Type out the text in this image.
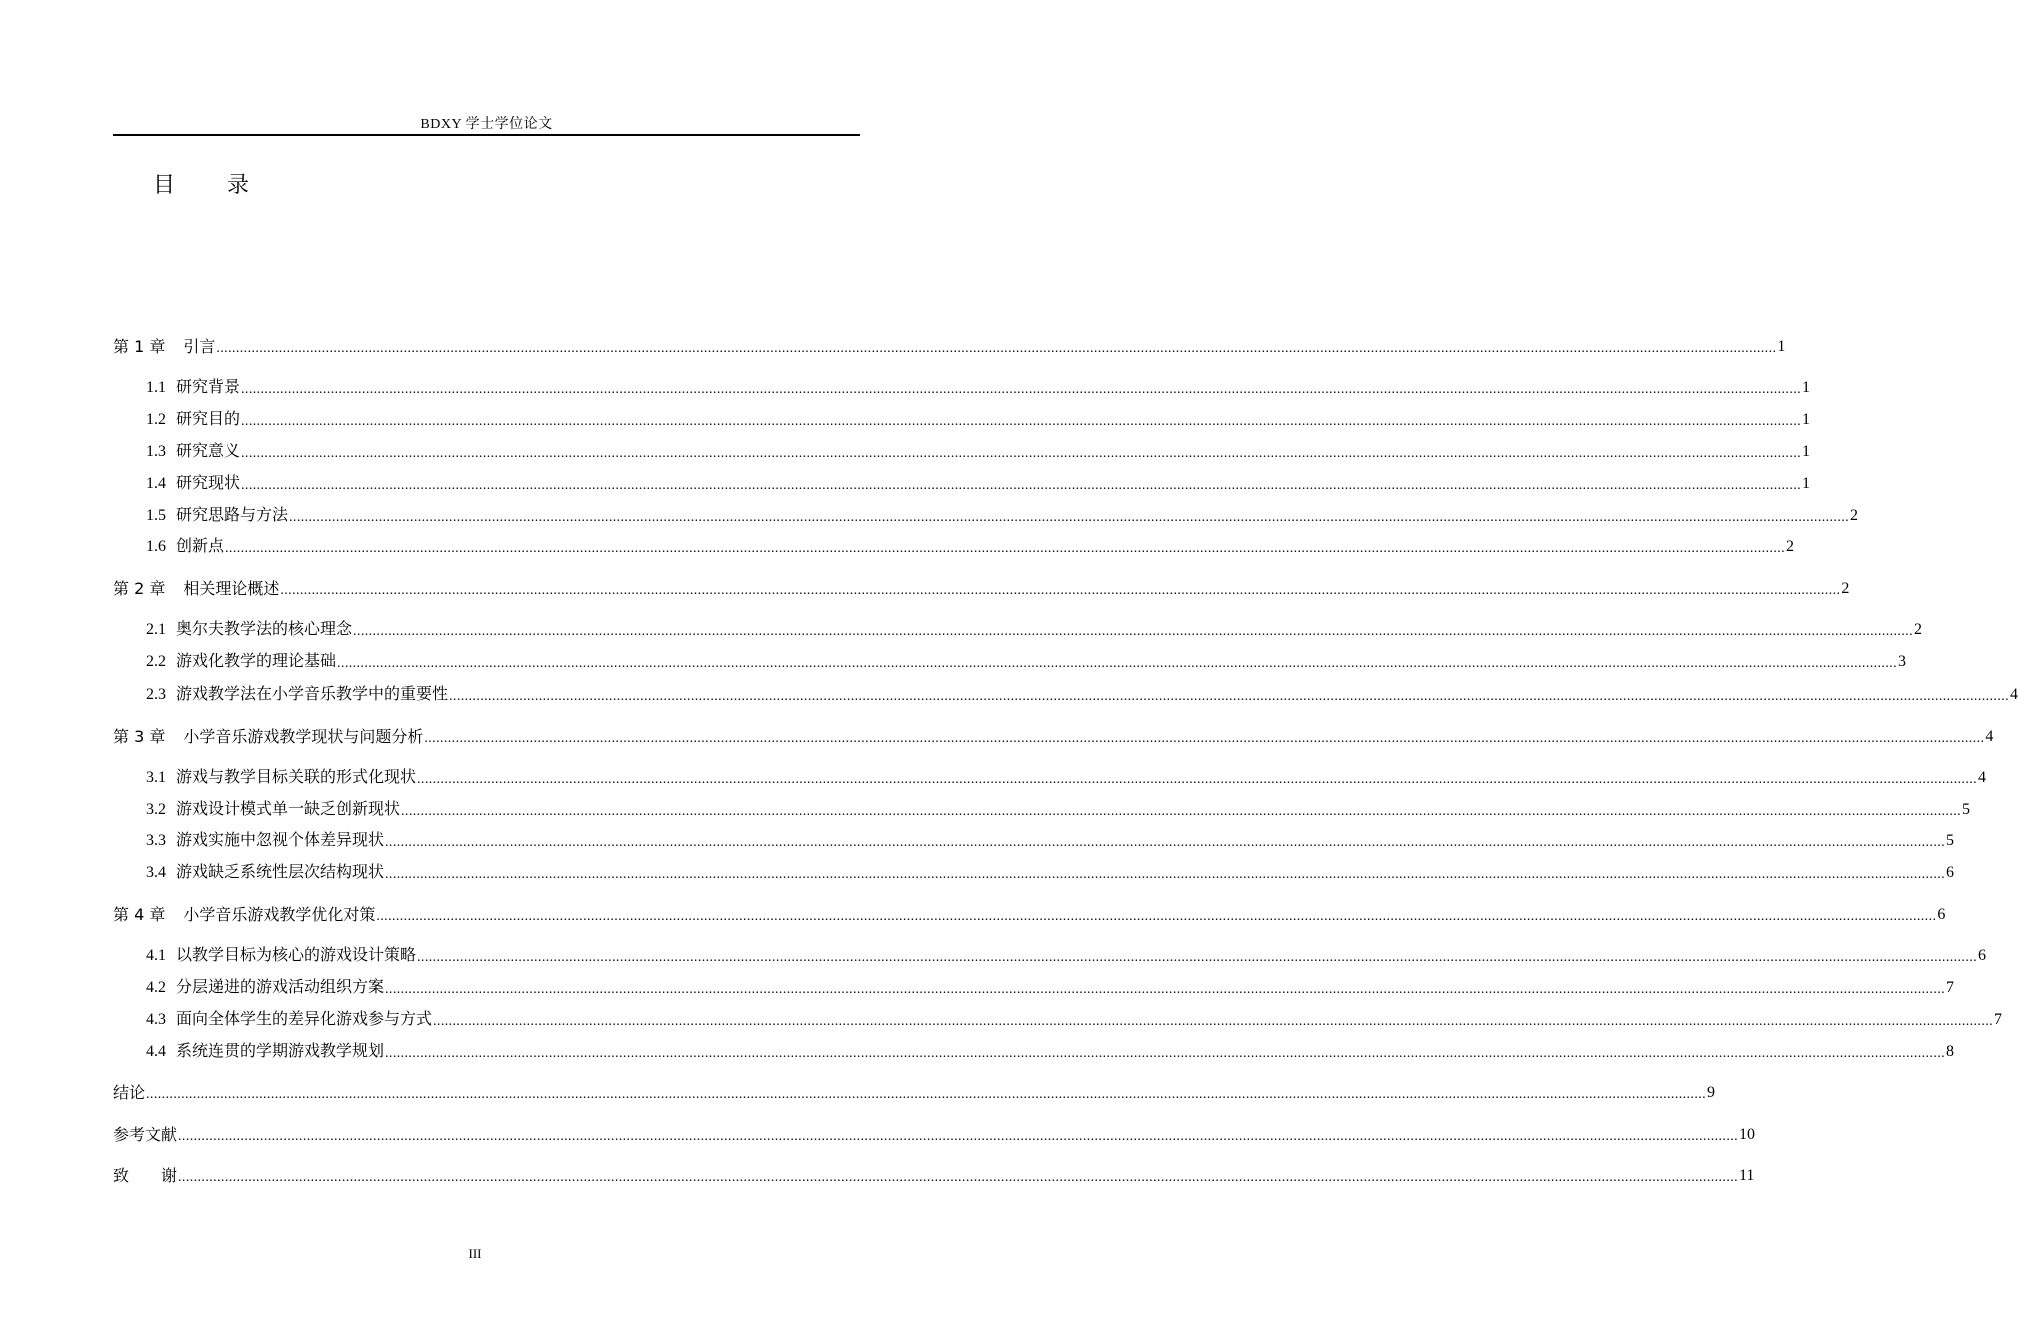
BDXY 学士学位论文
目 录
第 1 章 引言 ................................................................................................................................................................................................................................................................................................................................................................................................................ 1
1.1 研究背景 ................................................................................................................................................................................................................................................................................................................................................................................................................ 1
1.2 研究目的 ................................................................................................................................................................................................................................................................................................................................................................................................................ 1
1.3 研究意义 ................................................................................................................................................................................................................................................................................................................................................................................................................ 1
1.4 研究现状 ................................................................................................................................................................................................................................................................................................................................................................................................................ 1
1.5 研究思路与方法 ................................................................................................................................................................................................................................................................................................................................................................................................................ 2
1.6 创新点 ................................................................................................................................................................................................................................................................................................................................................................................................................ 2
第 2 章 相关理论概述 ................................................................................................................................................................................................................................................................................................................................................................................................................ 2
2.1 奥尔夫教学法的核心理念 ................................................................................................................................................................................................................................................................................................................................................................................................................ 2
2.2 游戏化教学的理论基础 ................................................................................................................................................................................................................................................................................................................................................................................................................ 3
2.3 游戏教学法在小学音乐教学中的重要性 ................................................................................................................................................................................................................................................................................................................................................................................................................ 4
第 3 章 小学音乐游戏教学现状与问题分析 ................................................................................................................................................................................................................................................................................................................................................................................................................ 4
3.1 游戏与教学目标关联的形式化现状 ................................................................................................................................................................................................................................................................................................................................................................................................................ 4
3.2 游戏设计模式单一缺乏创新现状 ................................................................................................................................................................................................................................................................................................................................................................................................................ 5
3.3 游戏实施中忽视个体差异现状 ................................................................................................................................................................................................................................................................................................................................................................................................................ 5
3.4 游戏缺乏系统性层次结构现状 ................................................................................................................................................................................................................................................................................................................................................................................................................ 6
第 4 章 小学音乐游戏教学优化对策 ................................................................................................................................................................................................................................................................................................................................................................................................................ 6
4.1 以教学目标为核心的游戏设计策略 ................................................................................................................................................................................................................................................................................................................................................................................................................ 6
4.2 分层递进的游戏活动组织方案 ................................................................................................................................................................................................................................................................................................................................................................................................................ 7
4.3 面向全体学生的差异化游戏参与方式 ................................................................................................................................................................................................................................................................................................................................................................................................................ 7
4.4 系统连贯的学期游戏教学规划 ................................................................................................................................................................................................................................................................................................................................................................................................................ 8
结论 ................................................................................................................................................................................................................................................................................................................................................................................................................ 9
参考文献 ................................................................................................................................................................................................................................................................................................................................................................................................................ 10
致　　谢 ................................................................................................................................................................................................................................................................................................................................................................................................................ 11
III
